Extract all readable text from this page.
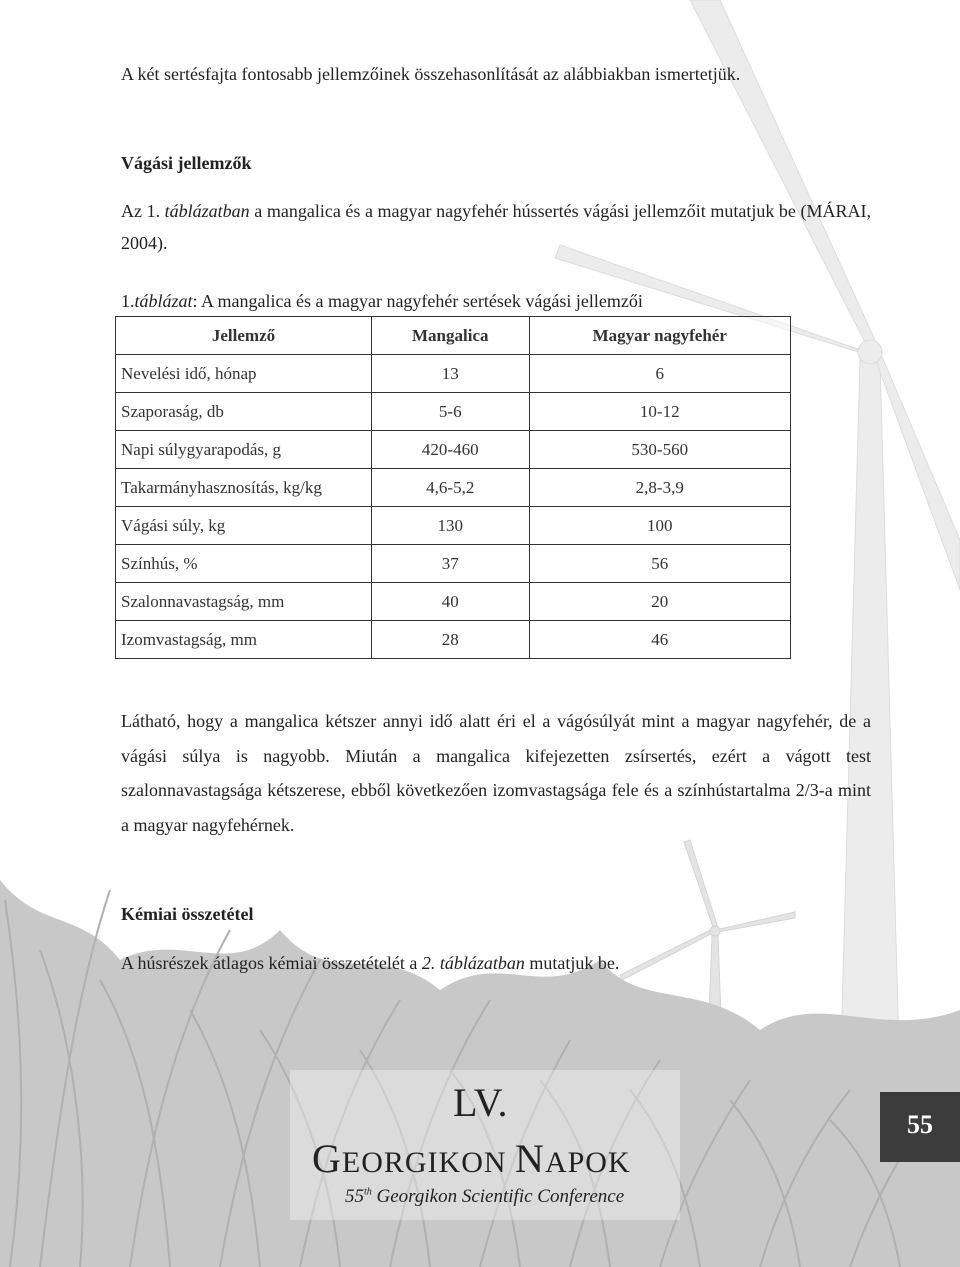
A két sertésfajta fontosabb jellemzőinek összehasonlítását az alábbiakban ismertetjük.

Vágási jellemzők

Az 1. táblázatban a mangalica és a magyar nagyfehér hússertés vágási jellemzőit mutatjuk be (MÁRAI, 2004).

1.táblázat: A mangalica és a magyar nagyfehér sertések vágási jellemzői

Jellemző	Mangalica	Magyar nagyfehér
Nevelési idő, hónap	13	6
Szaporaság, db	5-6	10-12
Napi súlygyarapodás, g	420-460	530-560
Takarmányhasznosítás, kg/kg	4,6-5,2	2,8-3,9
Vágási súly, kg	130	100
Színhús, %	37	56
Szalonnavastagság, mm	40	20
Izomvastagság, mm	28	46

Látható, hogy a mangalica kétszer annyi idő alatt éri el a vágósúlyát mint a magyar nagyfehér, de a vágási súlya is nagyobb. Miután a mangalica kifejezetten zsírsertés, ezért a vágott test szalonnavastagsága kétszerese, ebből következően izomvastagsága fele és a színhústartalma 2/3-a mint a magyar nagyfehérnek.

Kémiai összetétel

A húsrészek átlagos kémiai összetételét a 2. táblázatban mutatjuk be.

LV.

GEORGIKON NAPOK

55th Georgikon Scientific Conference

55
